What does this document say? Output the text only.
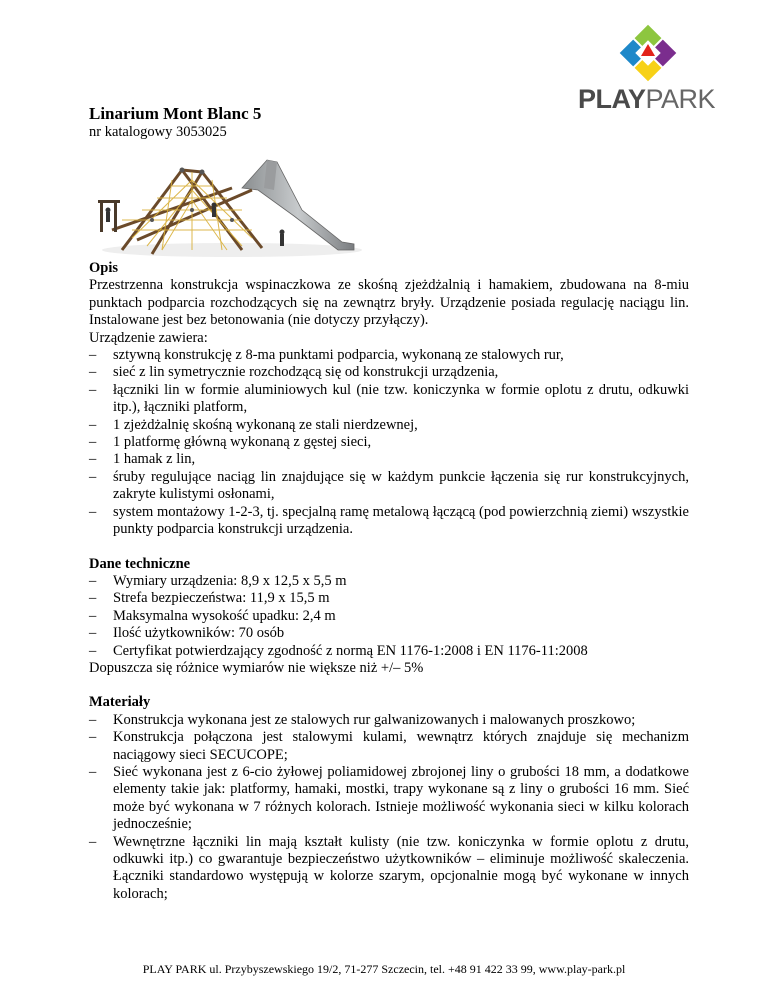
PLAYPARK
Linarium Mont Blanc 5
nr katalogowy 3053025
Opis

Przestrzenna konstrukcja wspinaczkowa ze skośną zjeżdżalnią i hamakiem, zbudowana na 8-miu punktach podparcia rozchodzących się na zewnątrz bryły. Urządzenie posiada regulację naciągu lin. Instalowane jest bez betonowania (nie dotyczy przyłączy).

Urządzenie zawiera:

– sztywną konstrukcję z 8-ma punktami podparcia, wykonaną ze stalowych rur,
– sieć z lin symetrycznie rozchodzącą się od konstrukcji urządzenia,
– łączniki lin w formie aluminiowych kul (nie tzw. koniczynka w formie oplotu z drutu, odkuwki itp.), łączniki platform,
– 1 zjeżdżalnię skośną wykonaną ze stali nierdzewnej,
– 1 platformę główną wykonaną z gęstej sieci,
– 1 hamak z lin,
– śruby regulujące naciąg lin znajdujące się w każdym punkcie łączenia się rur konstrukcyjnych, zakryte kulistymi osłonami,
– system montażowy 1-2-3, tj. specjalną ramę metalową łączącą (pod powierzchnią ziemi) wszystkie punkty podparcia konstrukcji urządzenia.
Dane techniczne
– Wymiary urządzenia: 8,9 x 12,5 x 5,5 m
– Strefa bezpieczeństwa: 11,9 x 15,5 m
– Maksymalna wysokość upadku: 2,4 m
– Ilość użytkowników: 70 osób
– Certyfikat potwierdzający zgodność z normą EN 1176-1:2008 i EN 1176-11:2008

Dopuszcza się różnice wymiarów nie większe niż +/– 5%

Materiały
– Konstrukcja wykonana jest ze stalowych rur galwanizowanych i malowanych proszkowo;
– Konstrukcja połączona jest stalowymi kulami, wewnątrz których znajduje się mechanizm naciągowy sieci SECUCOPE;
– Sieć wykonana jest z 6-cio żyłowej poliamidowej zbrojonej liny o grubości 18 mm, a dodatkowe elementy takie jak: platformy, hamaki, mostki, trapy wykonane są z liny o grubości 16 mm. Sieć może być wykonana w 7 różnych kolorach. Istnieje możliwość wykonania sieci w kilku kolorach jednocześnie;
– Wewnętrzne łączniki lin mają kształt kulisty (nie tzw. koniczynka w formie oplotu z drutu, odkuwki itp.) co gwarantuje bezpieczeństwo użytkowników – eliminuje możliwość skaleczenia. Łączniki standardowo występują w kolorze szarym, opcjonalnie mogą być wykonane w innych kolorach;
PLAY PARK ul. Przybyszewskiego 19/2, 71-277 Szczecin, tel. +48 91 422 33 99, www.play-park.pl
